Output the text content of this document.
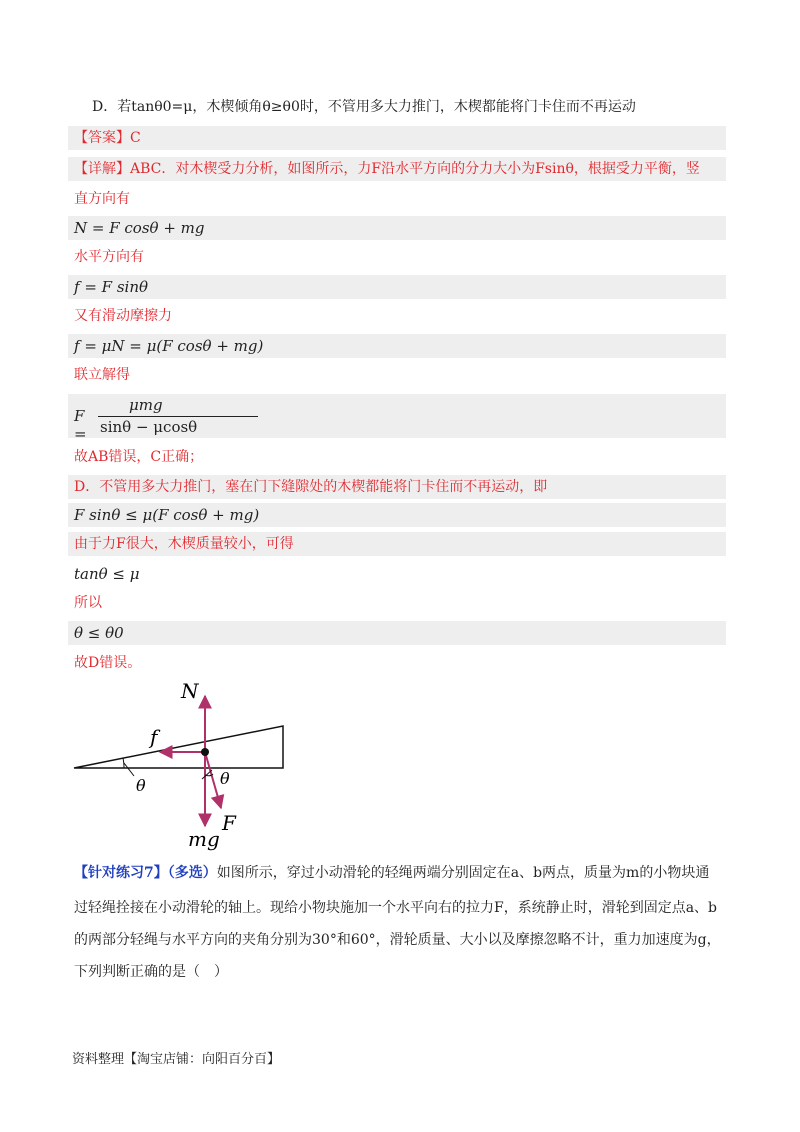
D．若tanθ0=μ，木楔倾角θ≥θ0时，不管用多大力推门，木楔都能将门卡住而不再运动
【答案】C
【详解】ABC．对木楔受力分析，如图所示，力F沿水平方向的分力大小为Fsinθ，根据受力平衡，竖
直方向有
N = F cosθ + mg
水平方向有
f = F sinθ
又有滑动摩擦力
f = μN = μ(F cosθ + mg)
联立解得
F =
μmg
sinθ − μcosθ
故AB错误，C正确；
D．不管用多大力推门，塞在门下缝隙处的木楔都能将门卡住而不再运动，即
F sinθ ≤ μ(F cosθ + mg)
由于力F很大，木楔质量较小，可得
tanθ ≤ μ
所以
θ ≤ θ0
故D错误。
θ
N
f
θ
F
mg
【针对练习7】（多选）如图所示，穿过小动滑轮的轻绳两端分别固定在a、b两点，质量为m的小物块通
过轻绳拴接在小动滑轮的轴上。现给小物块施加一个水平向右的拉力F，系统静止时，滑轮到固定点a、b
的两部分轻绳与水平方向的夹角分别为30°和60°，滑轮质量、大小以及摩擦忽略不计，重力加速度为g，
下列判断正确的是（　）
资料整理【淘宝店铺：向阳百分百】
